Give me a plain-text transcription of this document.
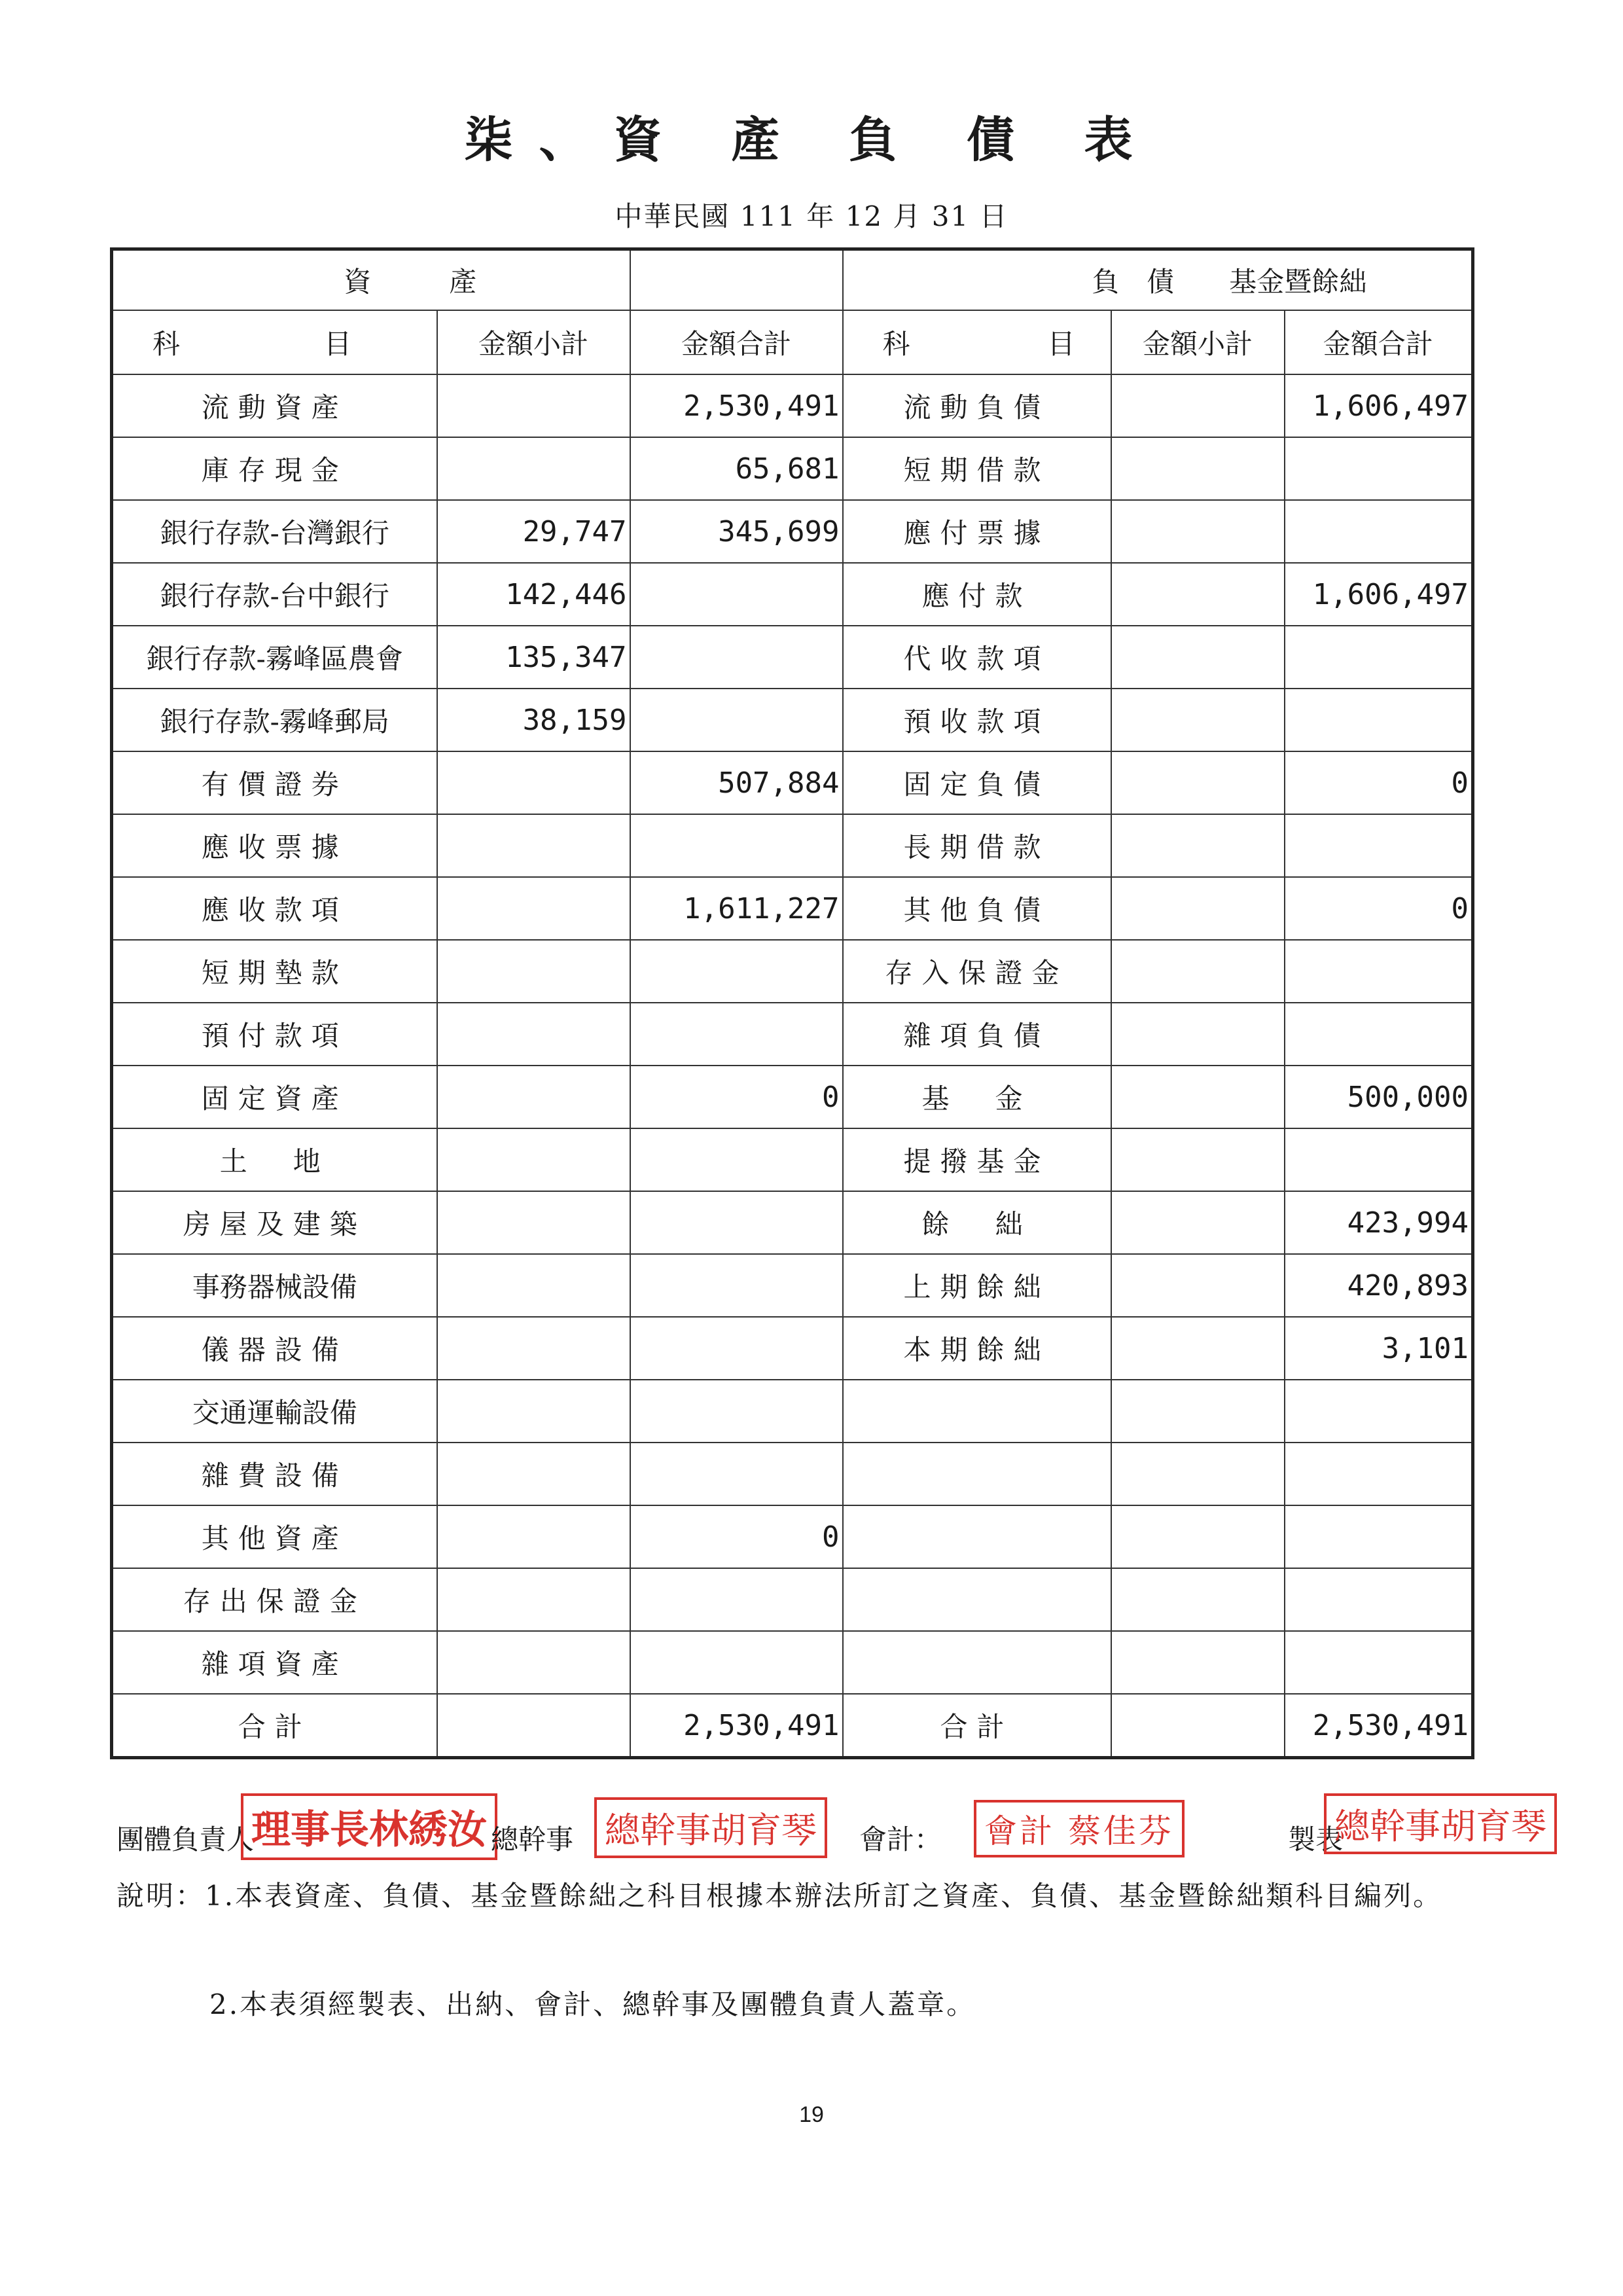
柒、資 產 負 債 表
中華民國 111 年 12 月 31 日
資 產			負　債　　基金暨餘絀		
科 目	金額小計	金額合計	科 目	金額小計	金額合計
流動資產		2,530,491	流動負債		1,606,497
庫存現金		65,681	短期借款		
銀行存款-台灣銀行	29,747	345,699	應付票據		
銀行存款-台中銀行	142,446		應付款		1,606,497
銀行存款-霧峰區農會	135,347		代收款項		
銀行存款-霧峰郵局	38,159		預收款項		
有價證券		507,884	固定負債		0
應收票據			長期借款		
應收款項		1,611,227	其他負債		0
短期墊款			存入保證金		
預付款項			雜項負債		
固定資產		0	基　金		500,000
土　地			提撥基金		
房屋及建築			餘　絀		423,994
事務器械設備			上期餘絀		420,893
儀器設備			本期餘絀		3,101
交通運輸設備					
雜費設備					
其他資產		0			
存出保證金					
雜項資產					
合計		2,530,491	合計		2,530,491
團體負責人
理事長林綉汝 總幹事 總幹事胡育琴	會計：	會計 蔡佳芬	製表
總幹事胡育琴
說明：1.本表資產、負債、基金暨餘絀之科目根據本辦法所訂之資產、負債、基金暨餘絀類科目編列。
2.本表須經製表、出納、會計、總幹事及團體負責人蓋章。
19
